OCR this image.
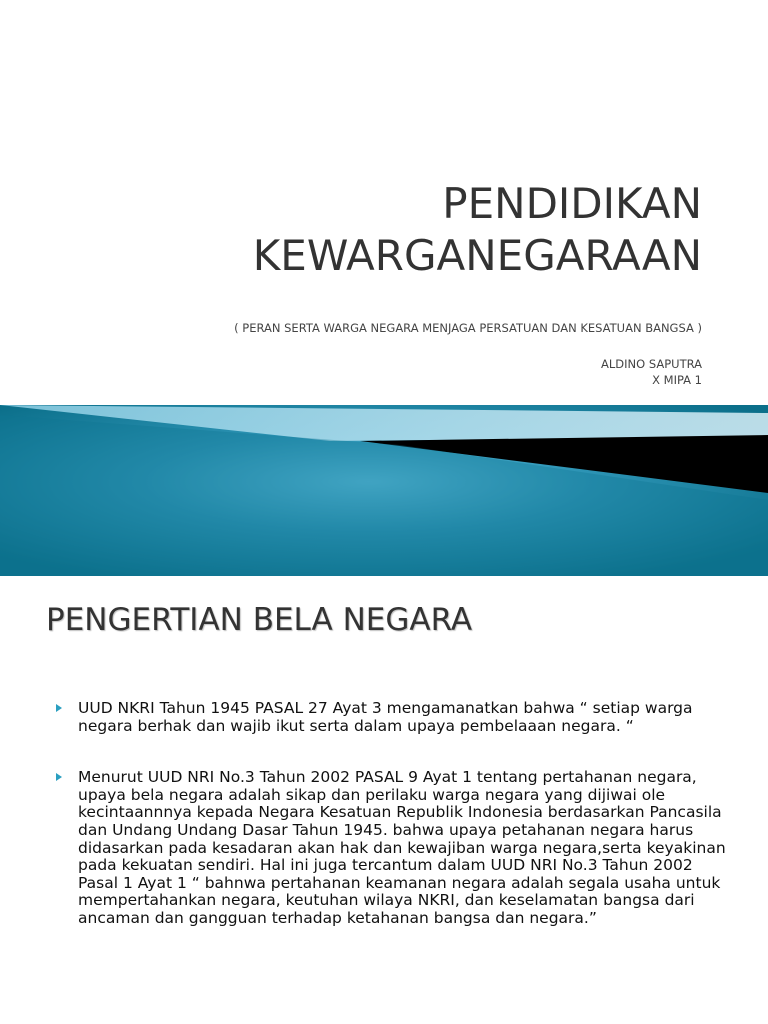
PENDIDIKAN
KEWARGANEGARAAN
( PERAN SERTA WARGA NEGARA MENJAGA PERSATUAN DAN KESATUAN BANGSA )
ALDINO SAPUTRA
X MIPA 1
PENGERTIAN BELA NEGARA
UUD NKRI Tahun 1945 PASAL 27 Ayat 3 mengamanatkan bahwa “ setiap warga negara berhak dan wajib ikut serta dalam upaya pembelaaan negara. “
Menurut UUD NRI No.3 Tahun 2002 PASAL 9 Ayat 1 tentang pertahanan negara, upaya bela negara adalah sikap dan perilaku warga negara yang dijiwai ole kecintaannnya kepada Negara Kesatuan Republik Indonesia berdasarkan Pancasila dan Undang Undang Dasar Tahun 1945. bahwa upaya petahanan negara harus didasarkan pada kesadaran akan hak dan kewajiban warga negara,serta keyakinan pada kekuatan sendiri. Hal ini juga tercantum dalam UUD NRI No.3 Tahun 2002 Pasal 1 Ayat 1 “ bahnwa pertahanan keamanan negara adalah segala usaha untuk mempertahankan negara, keutuhan wilaya NKRI, dan keselamatan bangsa dari ancaman dan gangguan terhadap ketahanan bangsa dan negara.”
